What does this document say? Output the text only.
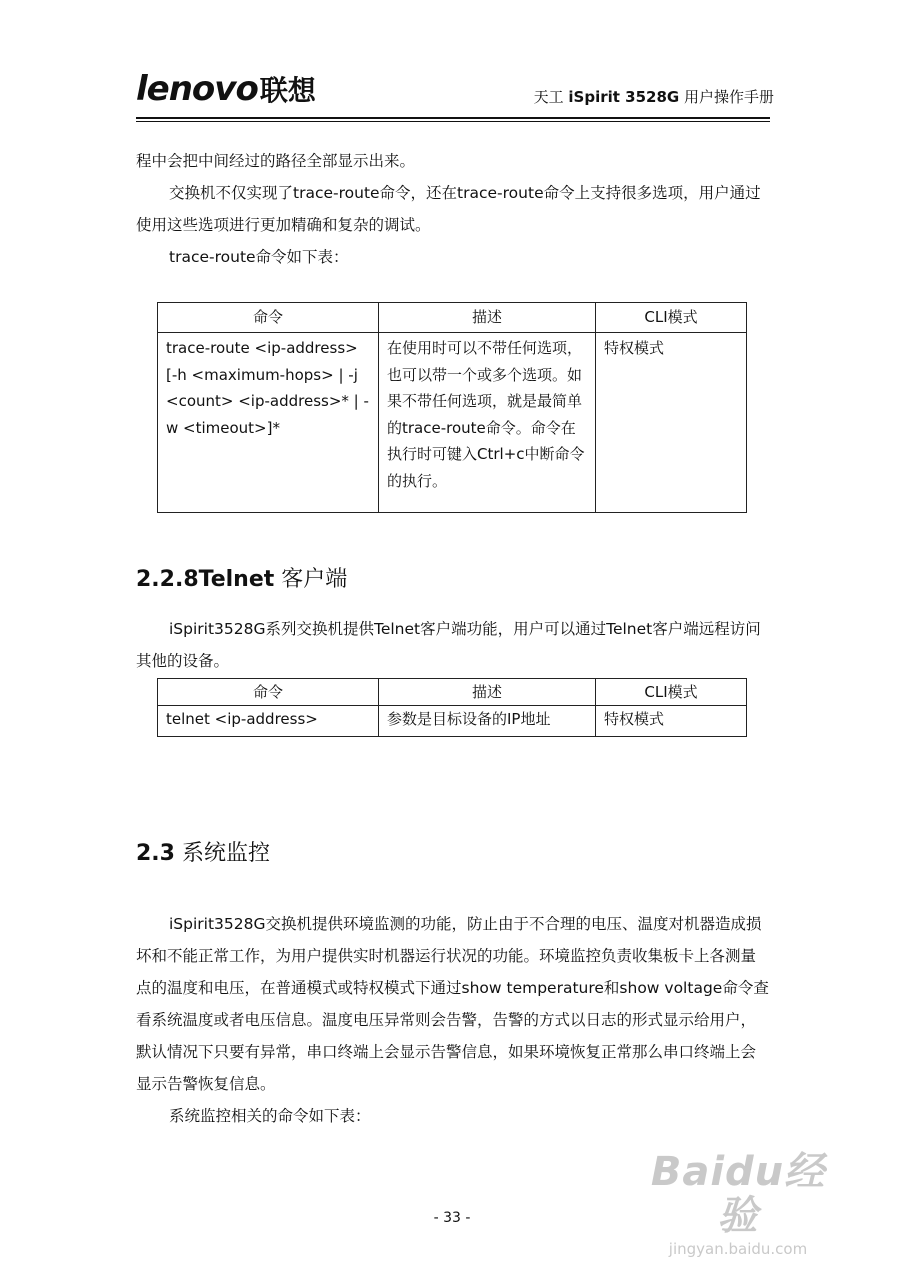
lenovo联想	天工 iSpirit 3528G 用户操作手册
程中会把中间经过的路径全部显示出来。
交换机不仅实现了trace-route命令，还在trace-route命令上支持很多选项，用户通过使用这些选项进行更加精确和复杂的调试。
trace-route命令如下表：
命令	描述	CLI模式
trace-route <ip-address> [-h <maximum-hops> | -j <count> <ip-address>* | -w <timeout>]*	在使用时可以不带任何选项，也可以带一个或多个选项。如果不带任何选项，就是最简单的trace-route命令。命令在执行时可键入Ctrl+c中断命令的执行。	特权模式
2.2.8Telnet 客户端
iSpirit3528G系列交换机提供Telnet客户端功能，用户可以通过Telnet客户端远程访问其他的设备。
命令	描述	CLI模式
telnet <ip-address>	参数是目标设备的IP地址	特权模式
2.3 系统监控
iSpirit3528G交换机提供环境监测的功能，防止由于不合理的电压、温度对机器造成损坏和不能正常工作，为用户提供实时机器运行状况的功能。环境监控负责收集板卡上各测量点的温度和电压，在普通模式或特权模式下通过show temperature和show voltage命令查看系统温度或者电压信息。温度电压异常则会告警，告警的方式以日志的形式显示给用户，默认情况下只要有异常，串口终端上会显示告警信息，如果环境恢复正常那么串口终端上会显示告警恢复信息。
系统监控相关的命令如下表：
Baidu经验
jingyan.baidu.com
- 33 -
